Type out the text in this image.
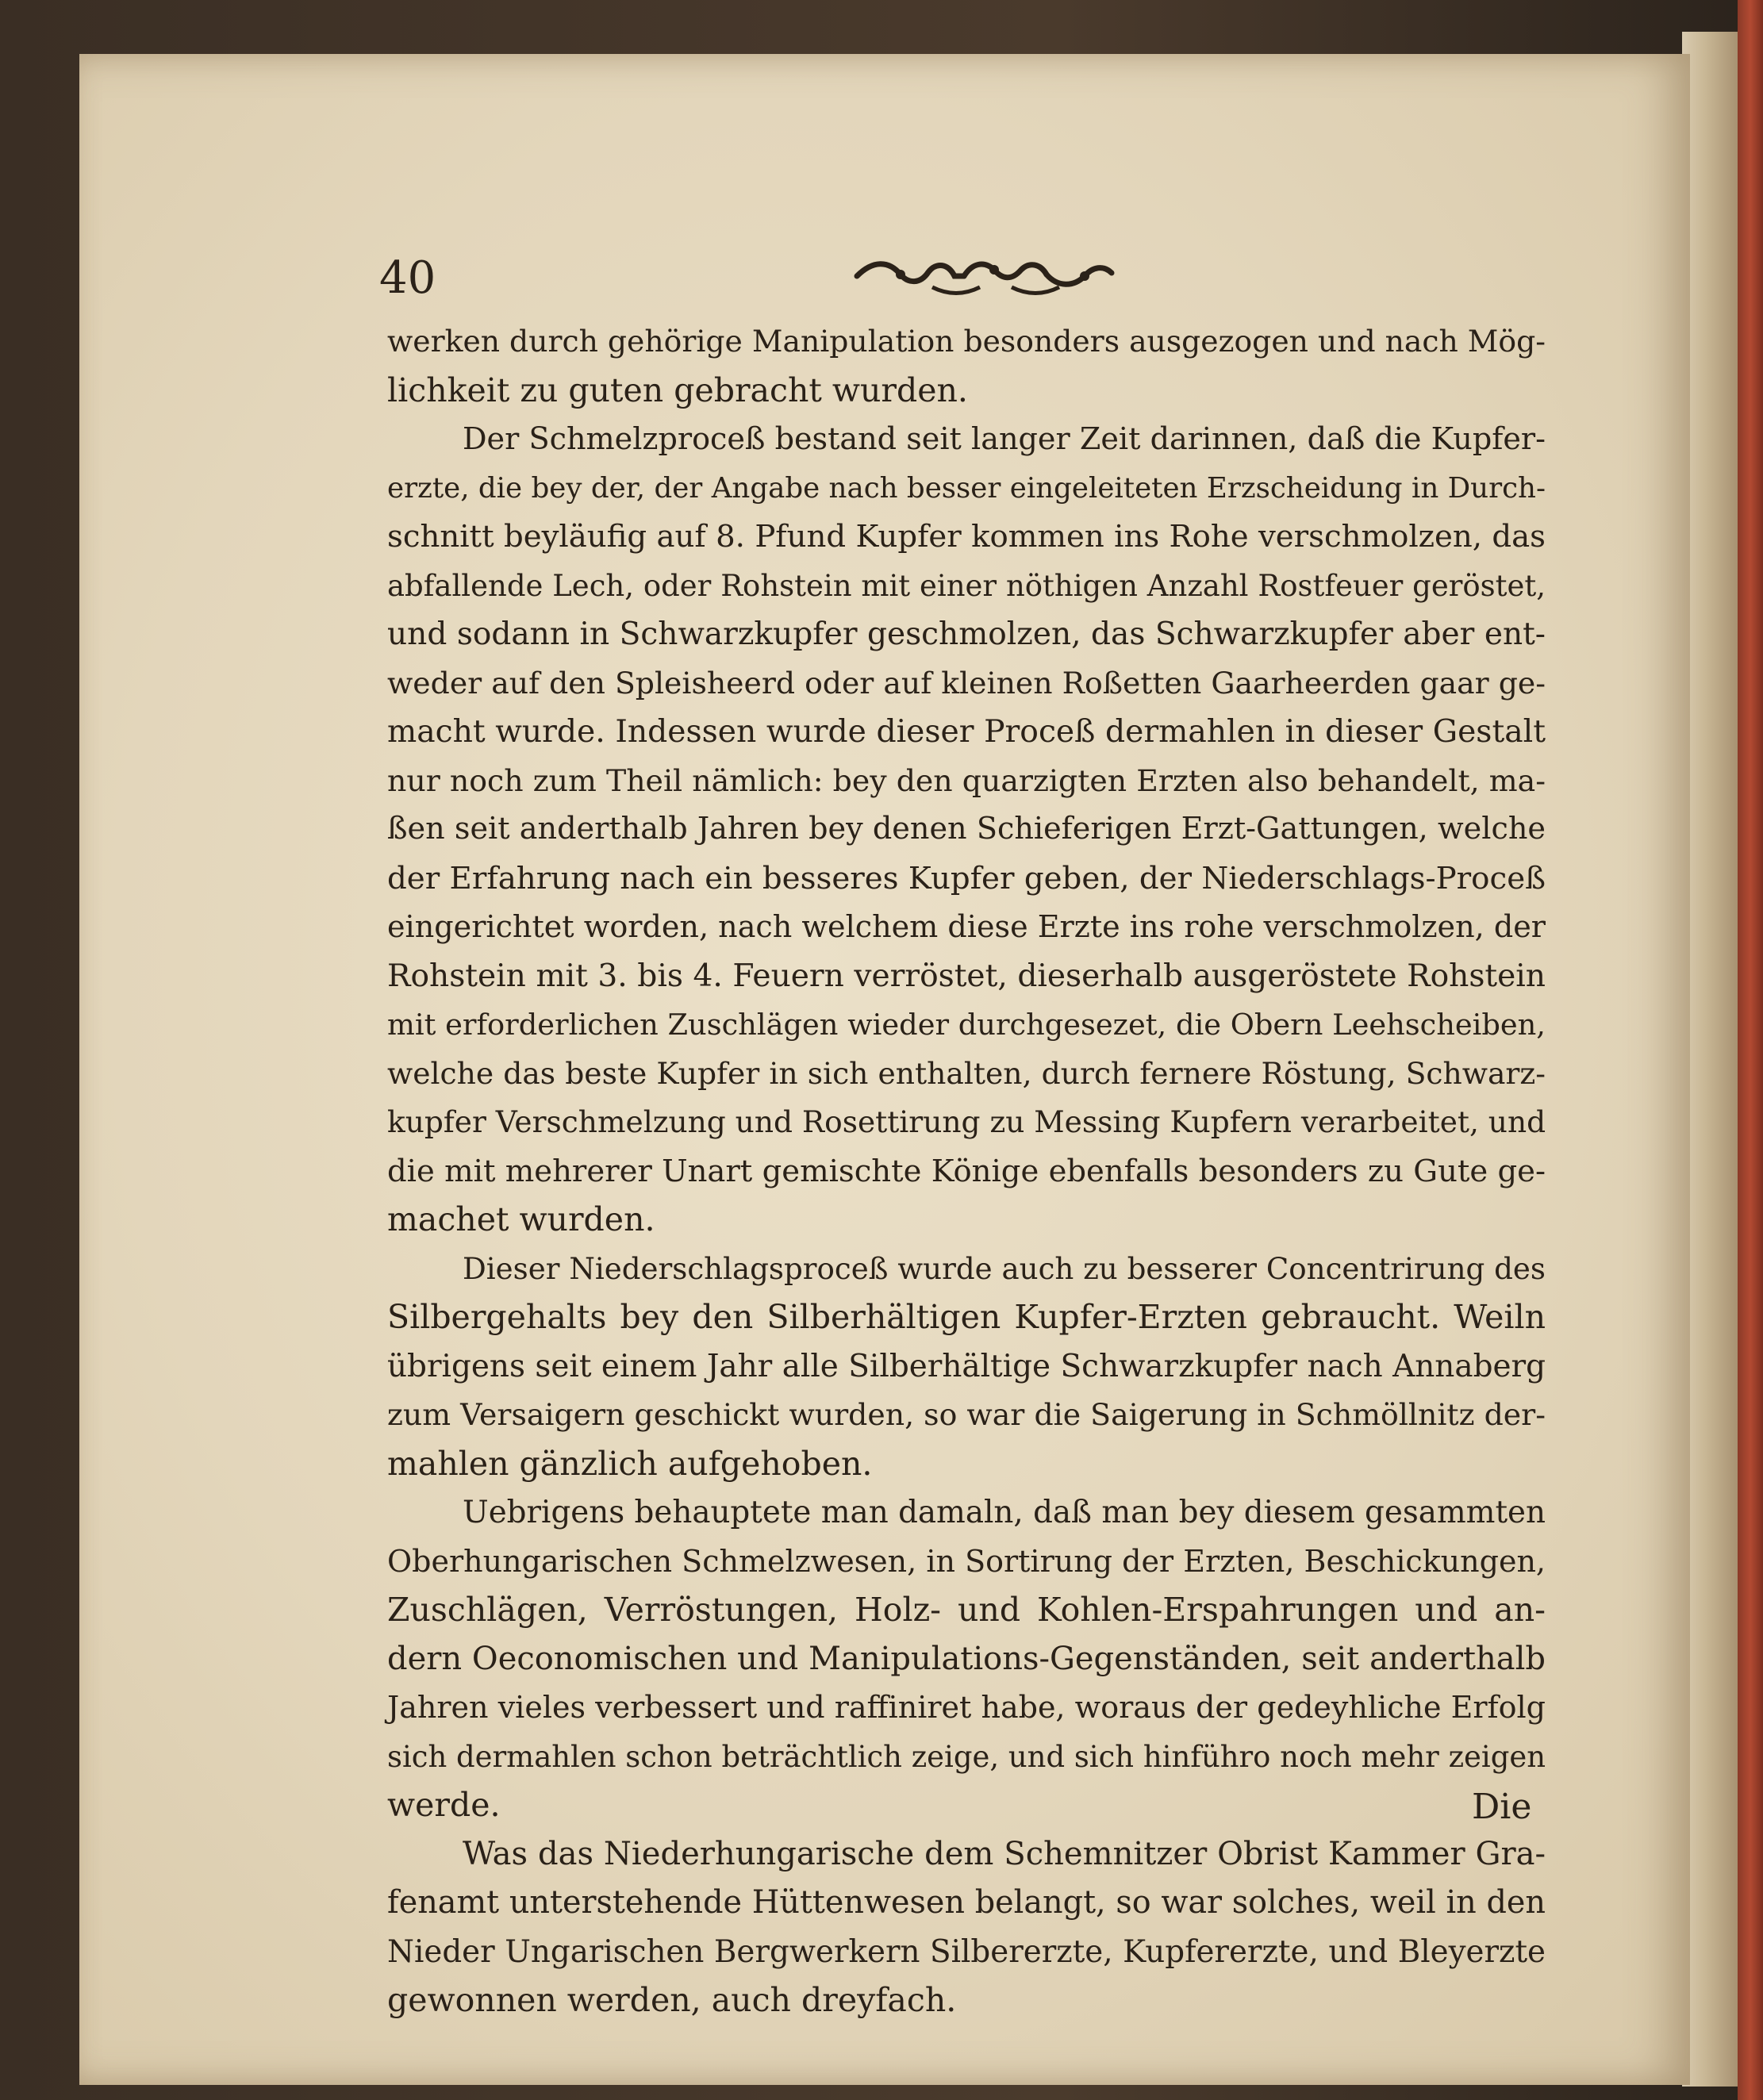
40
werken durch gehörige Manipulation besonders ausgezogen und nach Mög-
lichkeit zu guten gebracht wurden.
Der Schmelzproceß bestand seit langer Zeit darinnen, daß die Kupfer-
erzte, die bey der, der Angabe nach besser eingeleiteten Erzscheidung in Durch-
schnitt beyläufig auf 8. Pfund Kupfer kommen ins Rohe verschmolzen, das
abfallende Lech, oder Rohstein mit einer nöthigen Anzahl Rostfeuer geröstet,
und sodann in Schwarzkupfer geschmolzen, das Schwarzkupfer aber ent-
weder auf den Spleisheerd oder auf kleinen Roßetten Gaarheerden gaar ge-
macht wurde. Indessen wurde dieser Proceß dermahlen in dieser Gestalt
nur noch zum Theil nämlich: bey den quarzigten Erzten also behandelt, ma-
ßen seit anderthalb Jahren bey denen Schieferigen Erzt-Gattungen, welche
der Erfahrung nach ein besseres Kupfer geben, der Niederschlags-Proceß
eingerichtet worden, nach welchem diese Erzte ins rohe verschmolzen, der
Rohstein mit 3. bis 4. Feuern verröstet, dieserhalb ausgeröstete Rohstein
mit erforderlichen Zuschlägen wieder durchgesezet, die Obern Leehscheiben,
welche das beste Kupfer in sich enthalten, durch fernere Röstung, Schwarz-
kupfer Verschmelzung und Rosettirung zu Messing Kupfern verarbeitet, und
die mit mehrerer Unart gemischte Könige ebenfalls besonders zu Gute ge-
machet wurden.
Dieser Niederschlagsproceß wurde auch zu besserer Concentrirung des
Silbergehalts bey den Silberhältigen Kupfer-Erzten gebraucht. Weiln
übrigens seit einem Jahr alle Silberhältige Schwarzkupfer nach Annaberg
zum Versaigern geschickt wurden, so war die Saigerung in Schmöllnitz der-
mahlen gänzlich aufgehoben.
Uebrigens behauptete man damaln, daß man bey diesem gesammten
Oberhungarischen Schmelzwesen, in Sortirung der Erzten, Beschickungen,
Zuschlägen, Verröstungen, Holz- und Kohlen-Erspahrungen und an-
dern Oeconomischen und Manipulations-Gegenständen, seit anderthalb
Jahren vieles verbessert und raffiniret habe, woraus der gedeyhliche Erfolg
sich dermahlen schon beträchtlich zeige, und sich hinführo noch mehr zeigen
werde.
Was das Niederhungarische dem Schemnitzer Obrist Kammer Gra-
fenamt unterstehende Hüttenwesen belangt, so war solches, weil in den
Nieder Ungarischen Bergwerkern Silbererzte, Kupfererzte, und Bleyerzte
gewonnen werden, auch dreyfach.
Die
